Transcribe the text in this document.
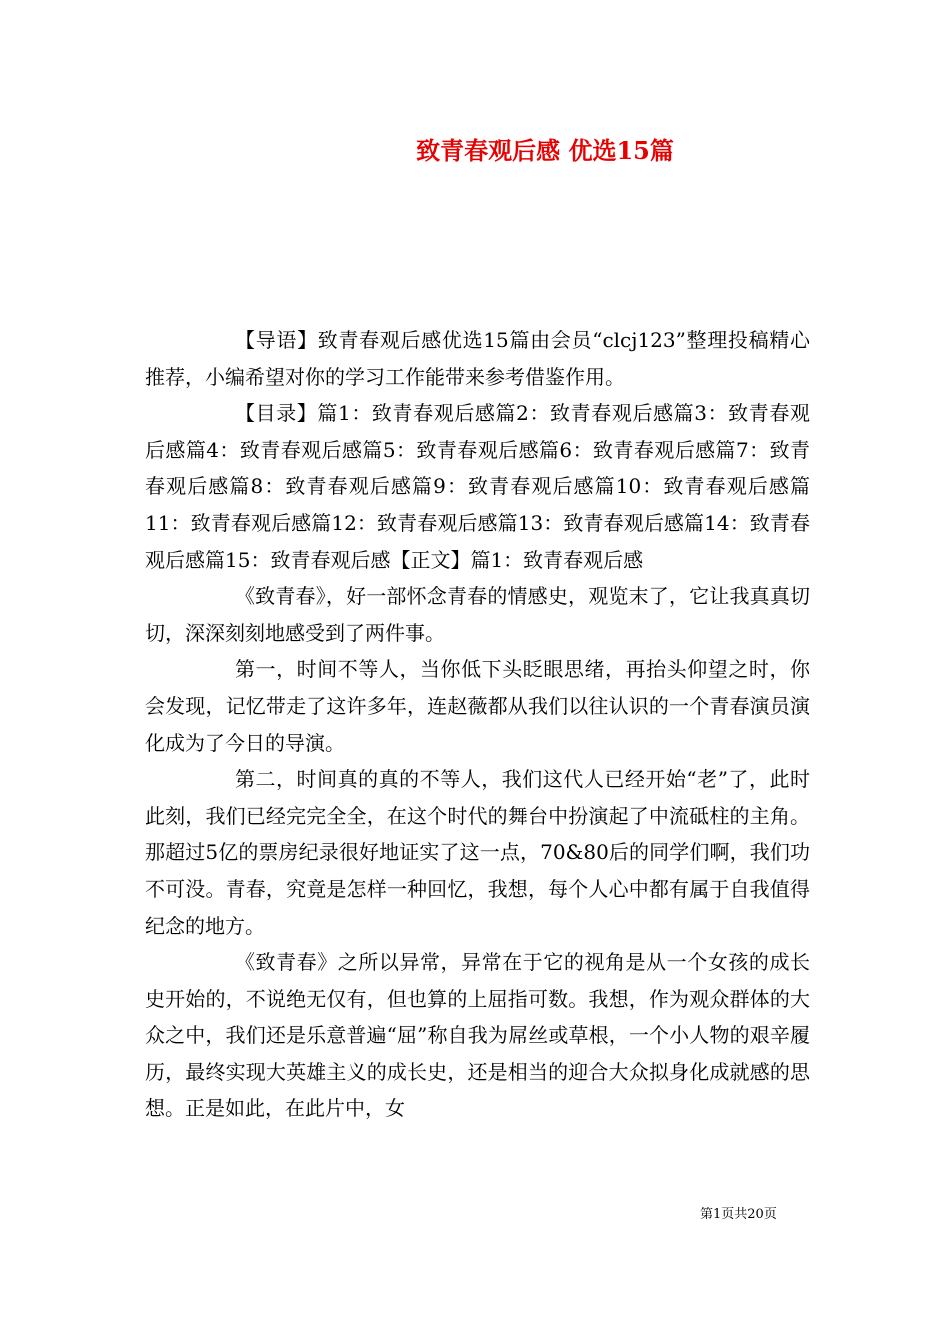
致青春观后感 优选15篇

【导语】致青春观后感优选15篇由会员“clcj123”整理投稿精心推荐，小编希望对你的学习工作能带来参考借鉴作用。

【目录】篇1：致青春观后感篇2：致青春观后感篇3：致青春观后感篇4：致青春观后感篇5：致青春观后感篇6：致青春观后感篇7：致青春观后感篇8：致青春观后感篇9：致青春观后感篇10：致青春观后感篇11：致青春观后感篇12：致青春观后感篇13：致青春观后感篇14：致青春观后感篇15：致青春观后感【正文】篇1：致青春观后感

《致青春》，好一部怀念青春的情感史，观览末了，它让我真真切切，深深刻刻地感受到了两件事。

第一，时间不等人，当你低下头眨眼思绪，再抬头仰望之时，你会发现，记忆带走了这许多年，连赵薇都从我们以往认识的一个青春演员演化成为了今日的导演。

第二，时间真的真的不等人，我们这代人已经开始“老”了，此时此刻，我们已经完完全全，在这个时代的舞台中扮演起了中流砥柱的主角。那超过5亿的票房纪录很好地证实了这一点，70&80后的同学们啊，我们功不可没。青春，究竟是怎样一种回忆，我想，每个人心中都有属于自我值得纪念的地方。

《致青春》之所以异常，异常在于它的视角是从一个女孩的成长史开始的，不说绝无仅有，但也算的上屈指可数。我想，作为观众群体的大众之中，我们还是乐意普遍“屈”称自我为屌丝或草根，一个小人物的艰辛履历，最终实现大英雄主义的成长史，还是相当的迎合大众拟身化成就感的思想。正是如此，在此片中，女

第1页共20页
